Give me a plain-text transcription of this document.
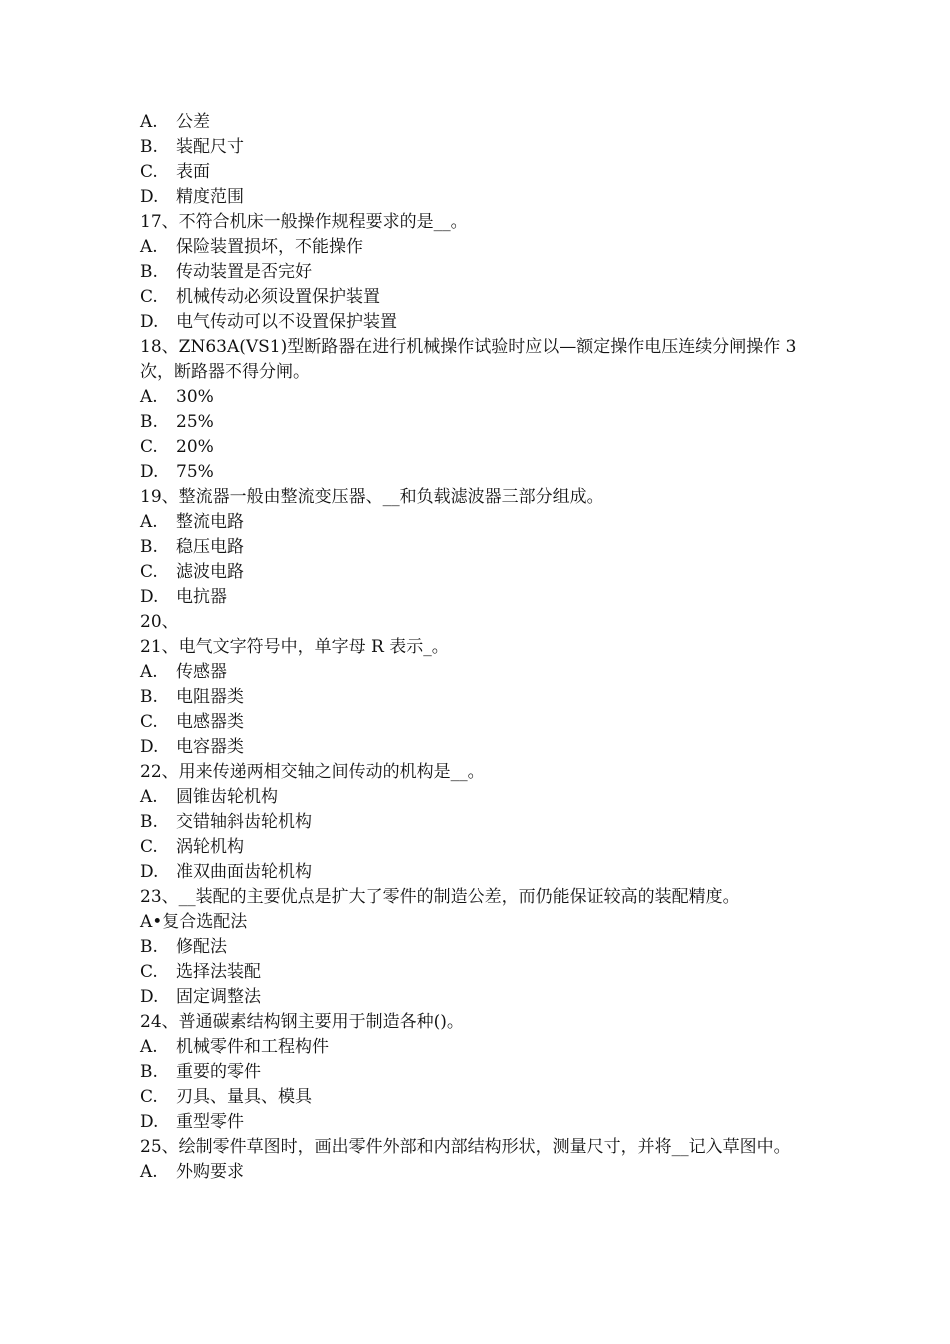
A. 公差
B. 装配尺寸
C. 表面
D. 精度范围
17、不符合机床一般操作规程要求的是__。
A. 保险装置损坏，不能操作
B. 传动装置是否完好
C. 机械传动必须设置保护装置
D. 电气传动可以不设置保护装置
18、ZN63A(VS1)型断路器在进行机械操作试验时应以—额定操作电压连续分闸操作 3 次，断路器不得分闸。
A. 30%
B. 25%
C. 20%
D. 75%
19、整流器一般由整流变压器、__和负载滤波器三部分组成。
A. 整流电路
B. 稳压电路
C. 滤波电路
D. 电抗器
20、
21、电气文字符号中，单字母 R 表示_。
A. 传感器
B. 电阻器类
C. 电感器类
D. 电容器类
22、用来传递两相交轴之间传动的机构是__。
A. 圆锥齿轮机构
B. 交错轴斜齿轮机构
C. 涡轮机构
D. 准双曲面齿轮机构
23、__装配的主要优点是扩大了零件的制造公差，而仍能保证较高的装配精度。
A•复合选配法
B. 修配法
C. 选择法装配
D. 固定调整法
24、普通碳素结构钢主要用于制造各种()。
A. 机械零件和工程构件
B. 重要的零件
C. 刃具、量具、模具
D. 重型零件
25、绘制零件草图时，画出零件外部和内部结构形状，测量尺寸，并将__记入草图中。
A. 外购要求
